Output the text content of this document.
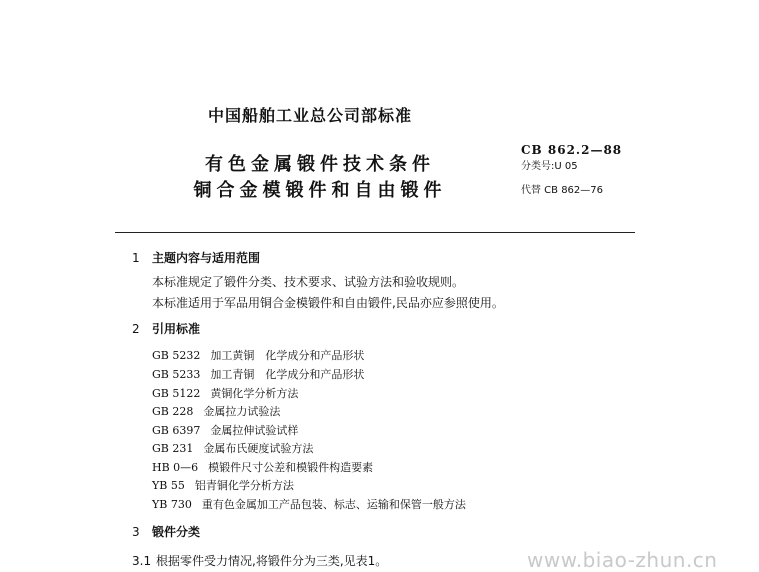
中国船舶工业总公司部标准
有色金属锻件技术条件
铜合金模锻件和自由锻件
CB 862.2—88
分类号:U 05
代替 CB 862—76
1 主题内容与适用范围
本标准规定了锻件分类、技术要求、试验方法和验收规则。
本标准适用于军品用铜合金模锻件和自由锻件,民品亦应参照使用。
2 引用标准
GB 5232 加工黄铜　化学成分和产品形状
GB 5233 加工青铜　化学成分和产品形状
GB 5122 黄铜化学分析方法
GB 228 金属拉力试验法
GB 6397 金属拉伸试验试样
GB 231 金属布氏硬度试验方法
HB 0—6 模锻件尺寸公差和模锻件构造要素
YB 55 铝青铜化学分析方法
YB 730 重有色金属加工产品包装、标志、运输和保管一般方法
3 锻件分类
3.1 根据零件受力情况,将锻件分为三类,见表1。	www.biao-zhun.cn
